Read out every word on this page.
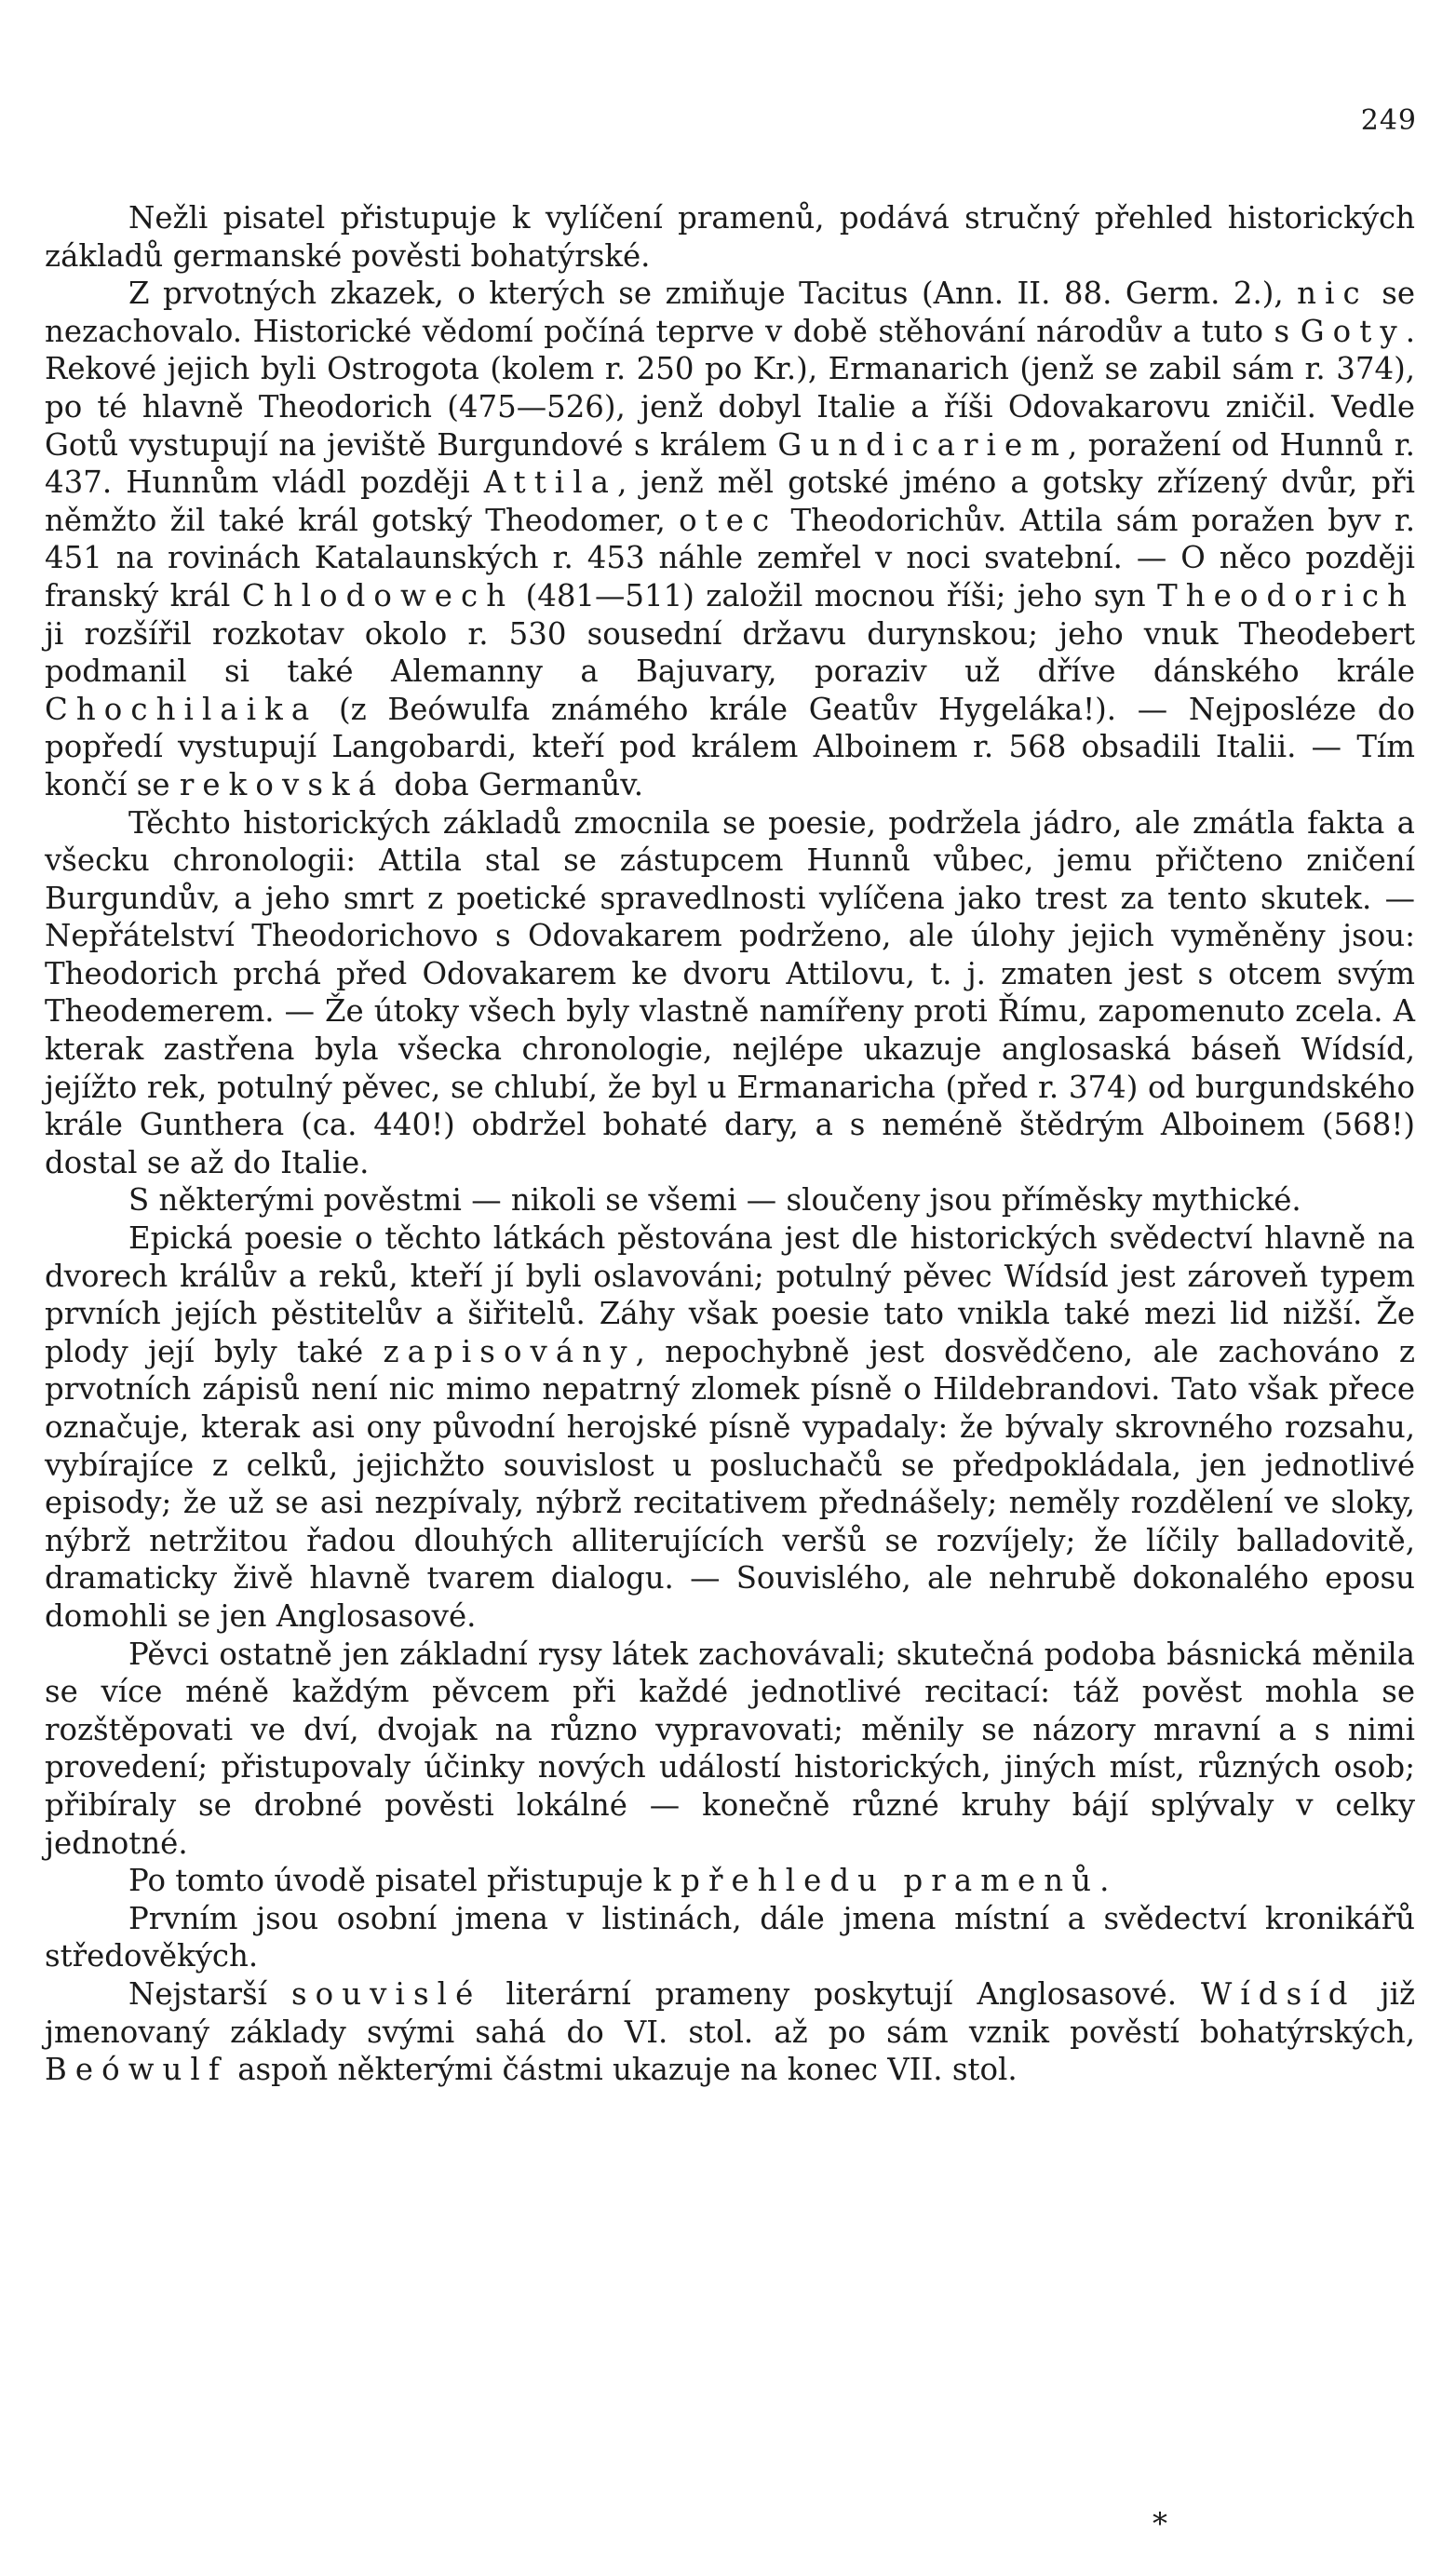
249

Nežli pisatel přistupuje k vylíčení pramenů, podává stručný přehled historických základů germanské pověsti bohatýrské.

Z prvotných zkazek, o kterých se zmiňuje Tacitus (Ann. II. 88. Germ. 2.), nic se nezachovalo. Historické vědomí počíná teprve v době stěhování národův a tuto s Goty. Rekové jejich byli Ostrogota (kolem r. 250 po Kr.), Ermanarich (jenž se zabil sám r. 374), po té hlavně Theodorich (475—526), jenž dobyl Italie a říši Odovakarovu zničil. Vedle Gotů vystupují na jeviště Burgundové s králem Gundicariem, poražení od Hunnů r. 437. Hunnům vládl později Attila, jenž měl gotské jméno a gotsky zřízený dvůr, při němžto žil také král gotský Theodomer, otec Theodorichův. Attila sám poražen byv r. 451 na rovinách Katalaunských r. 453 náhle zemřel v noci svatební. — O něco později franský král Chlodowech (481—511) založil mocnou říši; jeho syn Theodorich ji rozšířil rozkotav okolo r. 530 sousední državu durynskou; jeho vnuk Theodebert podmanil si také Alemanny a Bajuvary, poraziv už dříve dánského krále Chochilaika (z Beówulfa známého krále Geatův Hygeláka!). — Nejposléze do popředí vystupují Langobardi, kteří pod králem Alboinem r. 568 obsadili Italii. — Tím končí se rekovská doba Germanův.

Těchto historických základů zmocnila se poesie, podržela jádro, ale zmátla fakta a všecku chronologii: Attila stal se zástupcem Hunnů vůbec, jemu přičteno zničení Burgundův, a jeho smrt z poetické spravedlnosti vylíčena jako trest za tento skutek. — Nepřátelství Theodorichovo s Odovakarem podrženo, ale úlohy jejich vyměněny jsou: Theodorich prchá před Odovakarem ke dvoru Attilovu, t. j. zmaten jest s otcem svým Theodemerem. — Že útoky všech byly vlastně namířeny proti Římu, zapomenuto zcela. A kterak zastřena byla všecka chronologie, nejlépe ukazuje anglosaská báseň Wídsíd, jejížto rek, potulný pěvec, se chlubí, že byl u Ermanaricha (před r. 374) od burgundského krále Gunthera (ca. 440!) obdržel bohaté dary, a s neméně štědrým Alboinem (568!) dostal se až do Italie.

S některými pověstmi — nikoli se všemi — sloučeny jsou příměsky mythické.

Epická poesie o těchto látkách pěstována jest dle historických svědectví hlavně na dvorech králův a reků, kteří jí byli oslavováni; potulný pěvec Wídsíd jest zároveň typem prvních jejích pěstitelův a šiřitelů. Záhy však poesie tato vnikla také mezi lid nižší. Že plody její byly také zapisovány, nepochybně jest dosvědčeno, ale zachováno z prvotních zápisů není nic mimo nepatrný zlomek písně o Hildebrandovi. Tato však přece označuje, kterak asi ony původní herojské písně vypadaly: že bývaly skrovného rozsahu, vybírajíce z celků, jejichžto souvislost u posluchačů se předpokládala, jen jednotlivé episody; že už se asi nezpívaly, nýbrž recitativem přednášely; neměly rozdělení ve sloky, nýbrž netržitou řadou dlouhých alliterujících veršů se rozvíjely; že líčily balladovitě, dramaticky živě hlavně tvarem dialogu. — Souvislého, ale nehrubě dokonalého eposu domohli se jen Anglosasové.

Pěvci ostatně jen základní rysy látek zachovávali; skutečná podoba básnická měnila se více méně každým pěvcem při každé jednotlivé recitací: táž pověst mohla se rozštěpovati ve dví, dvojak na různo vypravovati; měnily se názory mravní a s nimi provedení; přistupovaly účinky nových událostí historických, jiných míst, různých osob; přibíraly se drobné pověsti lokálné — konečně různé kruhy bájí splývaly v celky jednotné.

Po tomto úvodě pisatel přistupuje k přehledu pramenů.

Prvním jsou osobní jmena v listinách, dále jmena místní a svědectví kronikářů středověkých.

Nejstarší souvislé literární prameny poskytují Anglosasové. Wídsíd již jmenovaný základy svými sahá do VI. stol. až po sám vznik pověstí bohatýrských, Beówulf aspoň některými částmi ukazuje na konec VII. stol.

*
